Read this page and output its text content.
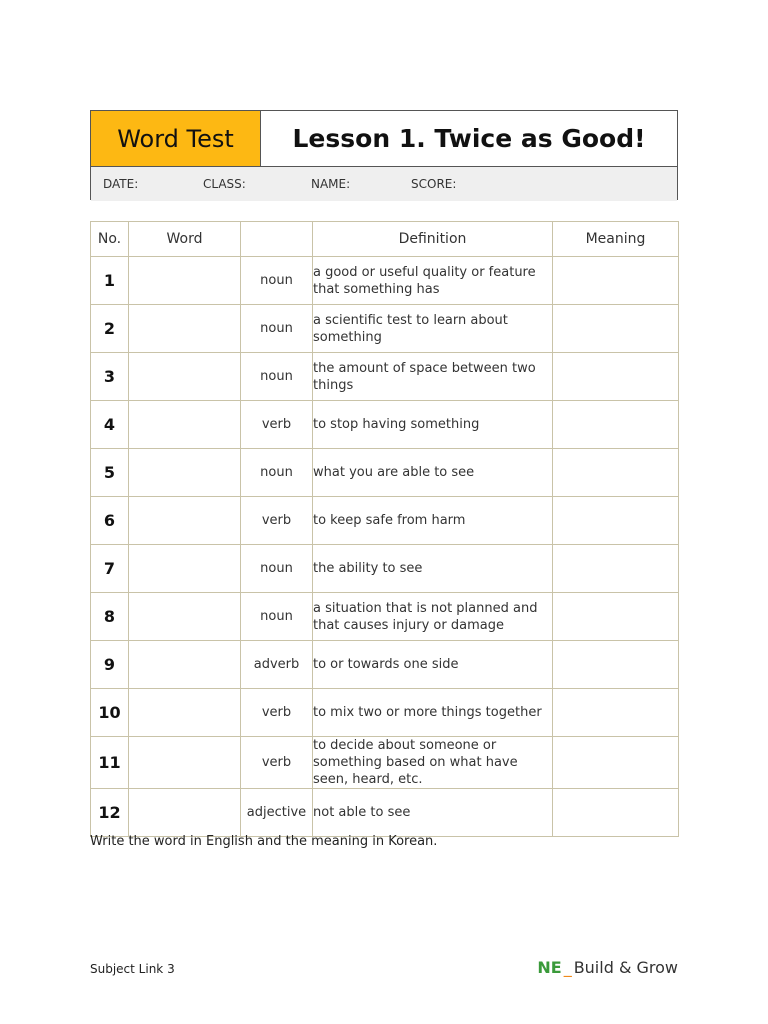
Word Test	Lesson 1. Twice as Good!
DATE:	CLASS:	NAME:	SCORE:
No.	Word		Definition	Meaning
1		noun	a good or useful quality or feature that something has	
2		noun	a scientific test to learn about something	
3		noun	the amount of space between two things	
4		verb	to stop having something	
5		noun	what you are able to see	
6		verb	to keep safe from harm	
7		noun	the ability to see	
8		noun	a situation that is not planned and that causes injury or damage	
9		adverb	to or towards one side	
10		verb	to mix two or more things together	
11		verb	to decide about someone or something based on what have seen, heard, etc.	
12		adjective	not able to see	
Write the word in English and the meaning in Korean.
Subject Link 3	NE _ Build & Grow
